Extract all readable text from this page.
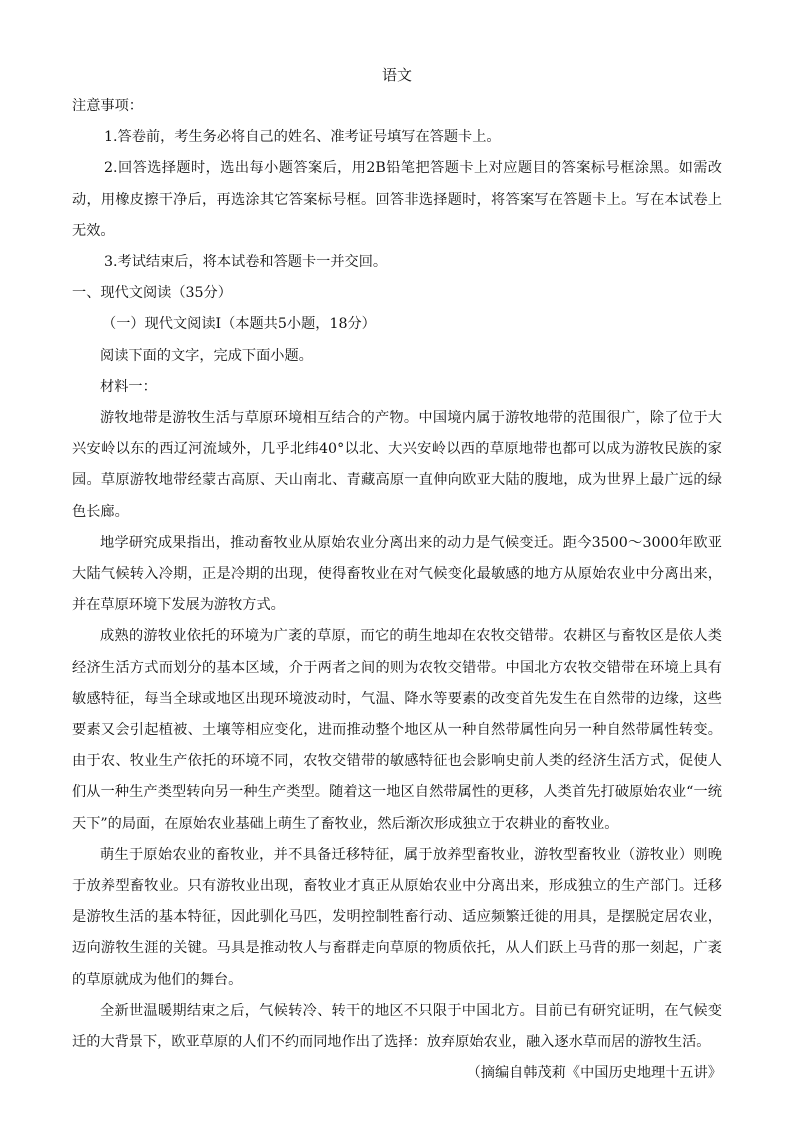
语文

注意事项：

1.答卷前，考生务必将自己的姓名、准考证号填写在答题卡上。

2.回答选择题时，选出每小题答案后，用2B铅笔把答题卡上对应题目的答案标号框涂黑。如需改动，用橡皮擦干净后，再选涂其它答案标号框。回答非选择题时，将答案写在答题卡上。写在本试卷上无效。

3.考试结束后，将本试卷和答题卡一并交回。

一、现代文阅读（35分）

（一）现代文阅读Ⅰ（本题共5小题，18分）

阅读下面的文字，完成下面小题。

材料一：

游牧地带是游牧生活与草原环境相互结合的产物。中国境内属于游牧地带的范围很广，除了位于大兴安岭以东的西辽河流域外，几乎北纬40°以北、大兴安岭以西的草原地带也都可以成为游牧民族的家园。草原游牧地带经蒙古高原、天山南北、青藏高原一直伸向欧亚大陆的腹地，成为世界上最广远的绿色长廊。

地学研究成果指出，推动畜牧业从原始农业分离出来的动力是气候变迁。距今3500～3000年欧亚大陆气候转入冷期，正是冷期的出现，使得畜牧业在对气候变化最敏感的地方从原始农业中分离出来，并在草原环境下发展为游牧方式。

成熟的游牧业依托的环境为广袤的草原，而它的萌生地却在农牧交错带。农耕区与畜牧区是依人类经济生活方式而划分的基本区域，介于两者之间的则为农牧交错带。中国北方农牧交错带在环境上具有敏感特征，每当全球或地区出现环境波动时，气温、降水等要素的改变首先发生在自然带的边缘，这些要素又会引起植被、土壤等相应变化，进而推动整个地区从一种自然带属性向另一种自然带属性转变。由于农、牧业生产依托的环境不同，农牧交错带的敏感特征也会影响史前人类的经济生活方式，促使人们从一种生产类型转向另一种生产类型。随着这一地区自然带属性的更移，人类首先打破原始农业“一统天下”的局面，在原始农业基础上萌生了畜牧业，然后渐次形成独立于农耕业的畜牧业。

萌生于原始农业的畜牧业，并不具备迁移特征，属于放养型畜牧业，游牧型畜牧业（游牧业）则晚于放养型畜牧业。只有游牧业出现，畜牧业才真正从原始农业中分离出来，形成独立的生产部门。迁移是游牧生活的基本特征，因此驯化马匹，发明控制牲畜行动、适应频繁迁徙的用具，是摆脱定居农业，迈向游牧生涯的关键。马具是推动牧人与畜群走向草原的物质依托，从人们跃上马背的那一刻起，广袤的草原就成为他们的舞台。

全新世温暖期结束之后，气候转冷、转干的地区不只限于中国北方。目前已有研究证明，在气候变迁的大背景下，欧亚草原的人们不约而同地作出了选择：放弃原始农业，融入逐水草而居的游牧生活。

（摘编自韩茂莉《中国历史地理十五讲》
